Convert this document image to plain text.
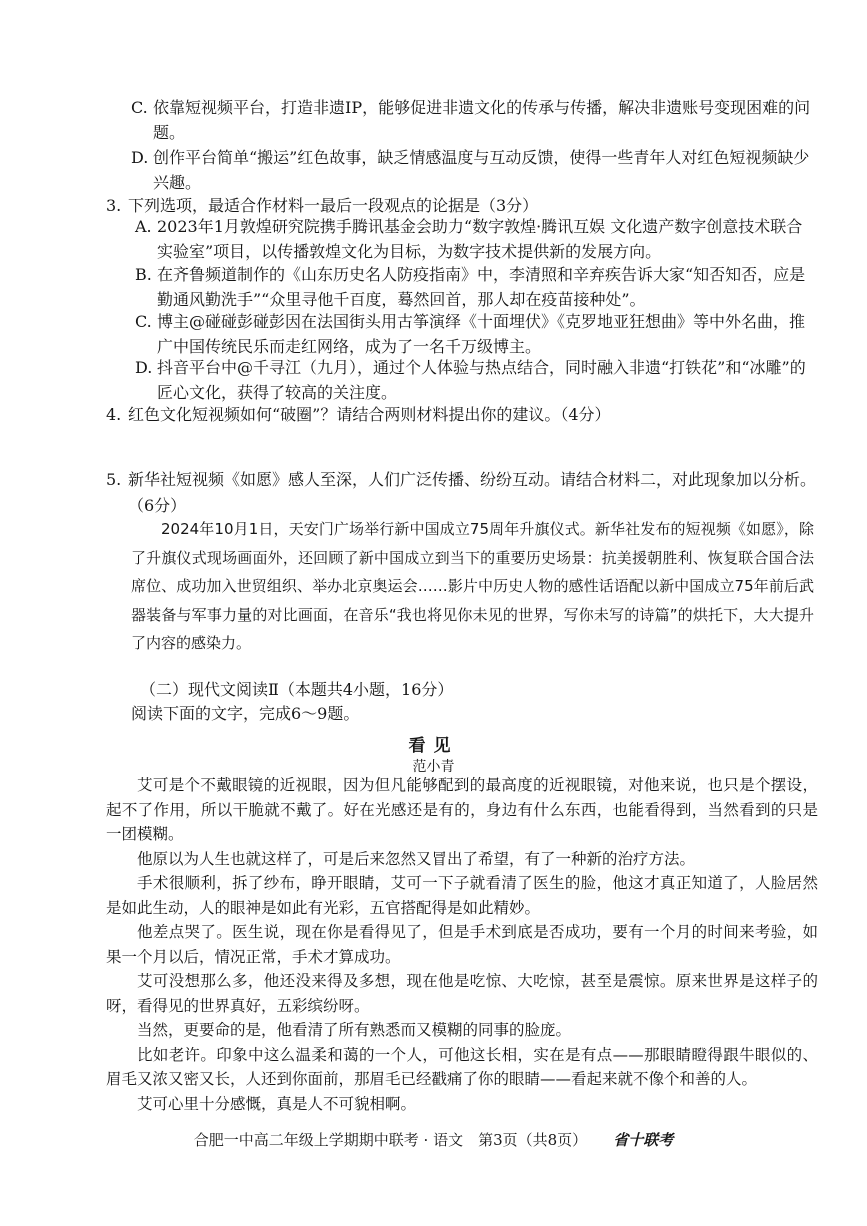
C. 依靠短视频平台，打造非遗IP，能够促进非遗文化的传承与传播，解决非遗账号变现困难的问题。
D. 创作平台简单“搬运”红色故事，缺乏情感温度与互动反馈，使得一些青年人对红色短视频缺少兴趣。
3. 下列选项，最适合作材料一最后一段观点的论据是（3分）
A. 2023年1月敦煌研究院携手腾讯基金会助力“数字敦煌·腾讯互娱 文化遗产数字创意技术联合实验室”项目，以传播敦煌文化为目标，为数字技术提供新的发展方向。
B. 在齐鲁频道制作的《山东历史名人防疫指南》中，李清照和辛弃疾告诉大家“知否知否，应是勤通风勤洗手”“众里寻他千百度，蓦然回首，那人却在疫苗接种处”。
C. 博主@碰碰彭碰彭因在法国街头用古筝演绎《十面埋伏》《克罗地亚狂想曲》等中外名曲，推广中国传统民乐而走红网络，成为了一名千万级博主。
D. 抖音平台中@千寻江（九月），通过个人体验与热点结合，同时融入非遗“打铁花”和“冰雕”的匠心文化，获得了较高的关注度。
4. 红色文化短视频如何“破圈”？请结合两则材料提出你的建议。（4分）
5. 新华社短视频《如愿》感人至深，人们广泛传播、纷纷互动。请结合材料二，对此现象加以分析。（6分）

2024年10月1日，天安门广场举行新中国成立75周年升旗仪式。新华社发布的短视频《如愿》，除了升旗仪式现场画面外，还回顾了新中国成立到当下的重要历史场景：抗美援朝胜利、恢复联合国合法席位、成功加入世贸组织、举办北京奥运会……影片中历史人物的感性话语配以新中国成立75年前后武器装备与军事力量的对比画面，在音乐“我也将见你未见的世界，写你未写的诗篇”的烘托下，大大提升了内容的感染力。

（二）现代文阅读Ⅱ（本题共4小题，16分）
阅读下面的文字，完成6～9题。
看见
范小青

艾可是个不戴眼镜的近视眼，因为但凡能够配到的最高度的近视眼镜，对他来说，也只是个摆设，起不了作用，所以干脆就不戴了。好在光感还是有的，身边有什么东西，也能看得到，当然看到的只是一团模糊。

他原以为人生也就这样了，可是后来忽然又冒出了希望，有了一种新的治疗方法。

手术很顺利，拆了纱布，睁开眼睛，艾可一下子就看清了医生的脸，他这才真正知道了，人脸居然是如此生动，人的眼神是如此有光彩，五官搭配得是如此精妙。

他差点哭了。医生说，现在你是看得见了，但是手术到底是否成功，要有一个月的时间来考验，如果一个月以后，情况正常，手术才算成功。

艾可没想那么多，他还没来得及多想，现在他是吃惊、大吃惊，甚至是震惊。原来世界是这样子的呀，看得见的世界真好，五彩缤纷呀。

当然，更要命的是，他看清了所有熟悉而又模糊的同事的脸庞。

比如老许。印象中这么温柔和蔼的一个人，可他这长相，实在是有点——那眼睛瞪得跟牛眼似的、眉毛又浓又密又长，人还到你面前，那眉毛已经戳痛了你的眼睛——看起来就不像个和善的人。

艾可心里十分感慨，真是人不可貌相啊。

合肥一中高二年级上学期期中联考 · 语文　第3页（共8页） 省十联考
